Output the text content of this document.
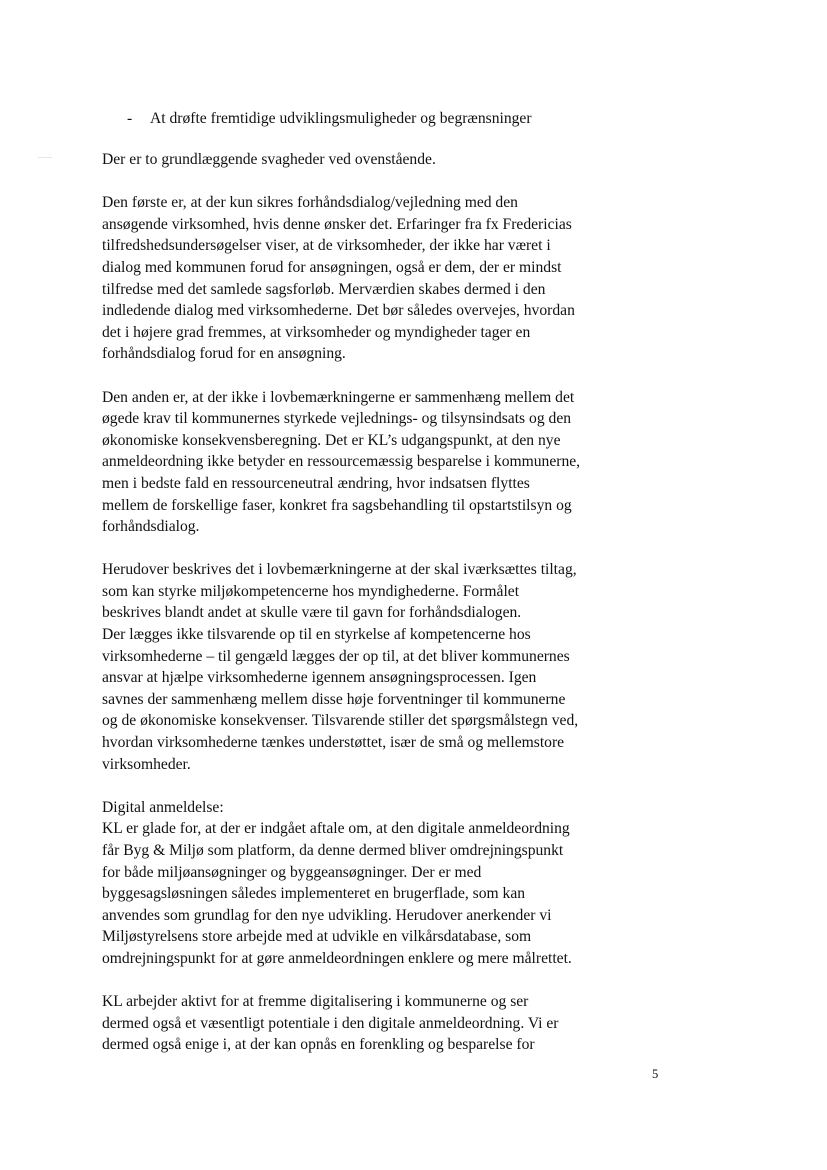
- At drøfte fremtidige udviklingsmuligheder og begrænsninger
Der er to grundlæggende svagheder ved ovenstående.
Den første er, at der kun sikres forhåndsdialog/vejledning med den
ansøgende virksomhed, hvis denne ønsker det. Erfaringer fra fx Fredericias
tilfredshedsundersøgelser viser, at de virksomheder, der ikke har været i
dialog med kommunen forud for ansøgningen, også er dem, der er mindst
tilfredse med det samlede sagsforløb. Merværdien skabes dermed i den
indledende dialog med virksomhederne. Det bør således overvejes, hvordan
det i højere grad fremmes, at virksomheder og myndigheder tager en
forhåndsdialog forud for en ansøgning.
Den anden er, at der ikke i lovbemærkningerne er sammenhæng mellem det
øgede krav til kommunernes styrkede vejlednings- og tilsynsindsats og den
økonomiske konsekvensberegning. Det er KL’s udgangspunkt, at den nye
anmeldeordning ikke betyder en ressourcemæssig besparelse i kommunerne,
men i bedste fald en ressourceneutral ændring, hvor indsatsen flyttes
mellem de forskellige faser, konkret fra sagsbehandling til opstartstilsyn og
forhåndsdialog.
Herudover beskrives det i lovbemærkningerne at der skal iværksættes tiltag,
som kan styrke miljøkompetencerne hos myndighederne. Formålet
beskrives blandt andet at skulle være til gavn for forhåndsdialogen.
Der lægges ikke tilsvarende op til en styrkelse af kompetencerne hos
virksomhederne – til gengæld lægges der op til, at det bliver kommunernes
ansvar at hjælpe virksomhederne igennem ansøgningsprocessen. Igen
savnes der sammenhæng mellem disse høje forventninger til kommunerne
og de økonomiske konsekvenser. Tilsvarende stiller det spørgsmålstegn ved,
hvordan virksomhederne tænkes understøttet, især de små og mellemstore
virksomheder.
Digital anmeldelse:
KL er glade for, at der er indgået aftale om, at den digitale anmeldeordning
får Byg & Miljø som platform, da denne dermed bliver omdrejningspunkt
for både miljøansøgninger og byggeansøgninger. Der er med
byggesagsløsningen således implementeret en brugerflade, som kan
anvendes som grundlag for den nye udvikling. Herudover anerkender vi
Miljøstyrelsens store arbejde med at udvikle en vilkårsdatabase, som
omdrejningspunkt for at gøre anmeldeordningen enklere og mere målrettet.
KL arbejder aktivt for at fremme digitalisering i kommunerne og ser
dermed også et væsentligt potentiale i den digitale anmeldeordning. Vi er
dermed også enige i, at der kan opnås en forenkling og besparelse for
5
